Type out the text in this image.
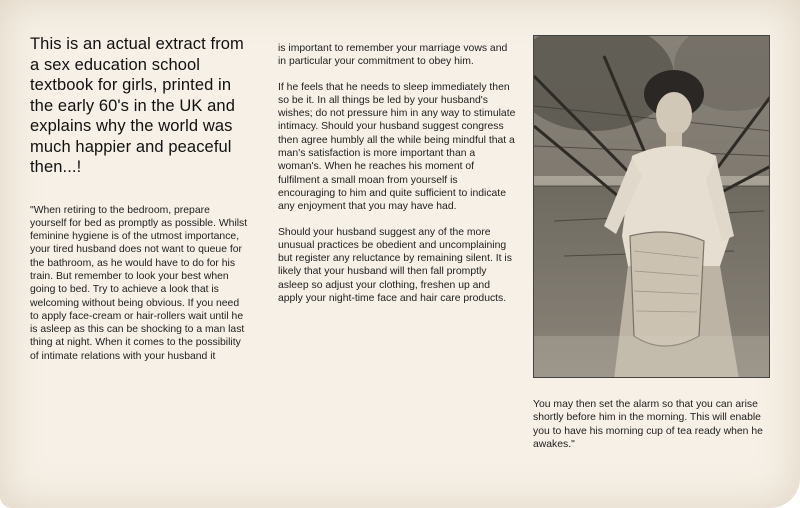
This is an actual extract from a sex education school textbook for girls, printed in the early 60's in the UK and explains why the world was much happier and peaceful then...!

"When retiring to the bedroom, prepare yourself for bed as promptly as possible. Whilst feminine hygiene is of the utmost importance, your tired husband does not want to queue for the bathroom, as he would have to do for his train. But remember to look your best when going to bed. Try to achieve a look that is welcoming without being obvious. If you need to apply face-cream or hair-rollers wait until he is asleep as this can be shocking to a man last thing at night. When it comes to the possibility of intimate relations with your husband it

is important to remember your marriage vows and in particular your commitment to obey him.

If he feels that he needs to sleep immediately then so be it. In all things be led by your husband's wishes; do not pressure him in any way to stimulate intimacy. Should your husband suggest congress then agree humbly all the while being mindful that a man's satisfaction is more important than a woman's. When he reaches his moment of fulfilment a small moan from yourself is encouraging to him and quite sufficient to indicate any enjoyment that you may have had.

Should your husband suggest any of the more unusual practices be obedient and uncomplaining but register any reluctance by remaining silent. It is likely that your husband will then fall promptly asleep so adjust your clothing, freshen up and apply your night-time face and hair care products.

You may then set the alarm so that you can arise shortly before him in the morning. This will enable you to have his morning cup of tea ready when he awakes."
